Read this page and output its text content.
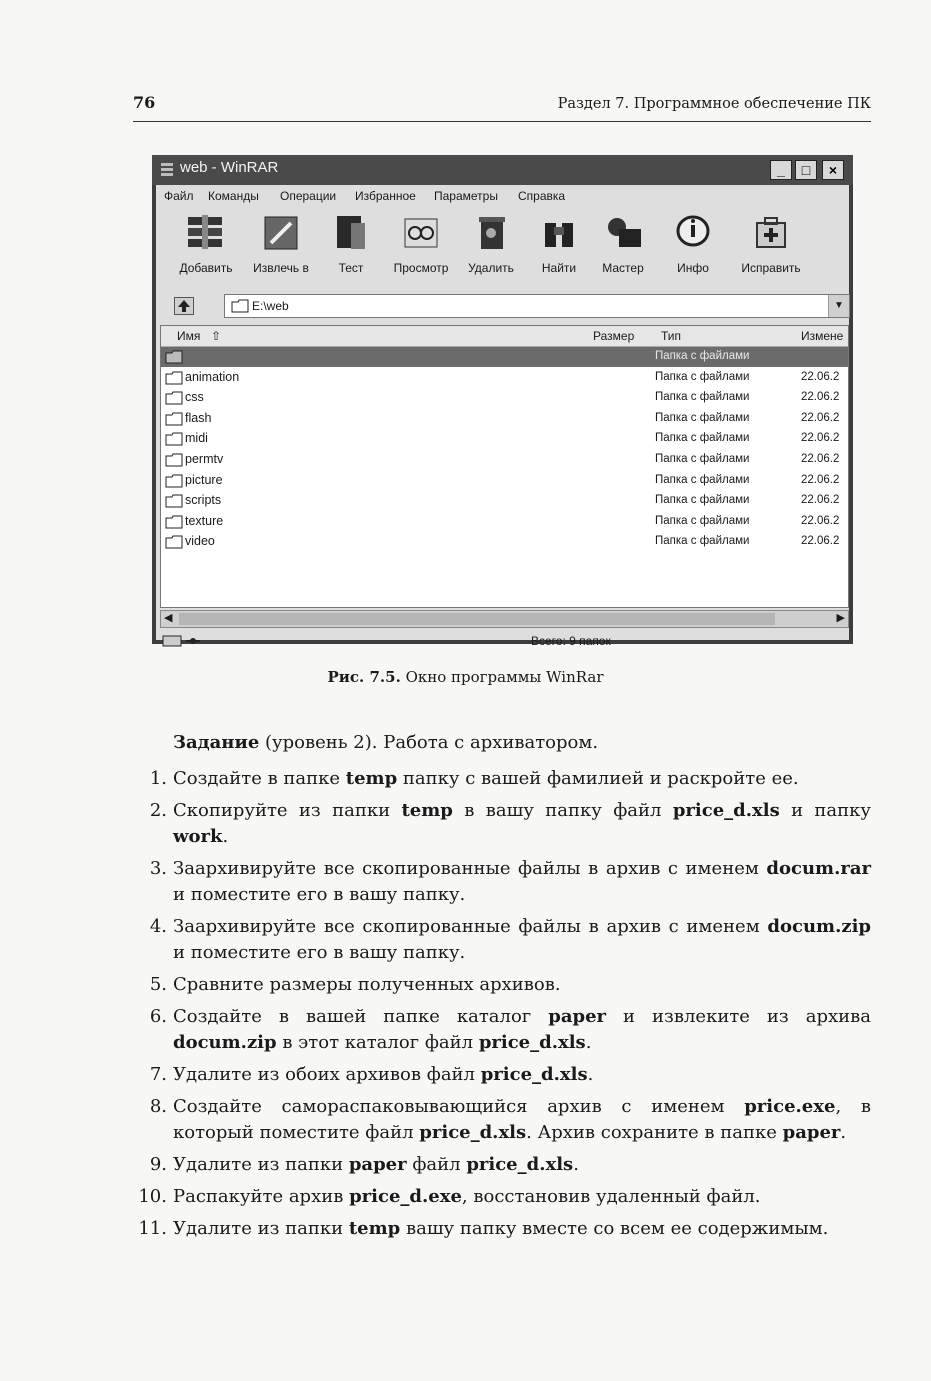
76	Раздел 7. Программное обеспечение ПК
web - WinRAR	_	□	×
Файл Команды Операции Избранное Параметры Справка
Добавить	Извлечь в	Тест	Просмотр	Удалить	Найти	Мастер	Инфо	Исправить
E:\web	▼
Имя ⇧	Размер Тип	Измене
Папка с файлами
animation	Папка с файлами	22.06.2
css	Папка с файлами	22.06.2
flash	Папка с файлами	22.06.2
midi	Папка с файлами	22.06.2
permtv	Папка с файлами	22.06.2
picture	Папка с файлами	22.06.2
scripts	Папка с файлами	22.06.2
texture	Папка с файлами	22.06.2
video	Папка с файлами	22.06.2
◀	▶
Всего: 9 папок
Рис. 7.5. Окно программы WinRar
Задание (уровень 2). Работа с архиватором.
1. Создайте в папке temp папку с вашей фамилией и раскройте ее.
2. Скопируйте из папки temp в вашу папку файл price_d.xls и папку work.
3. Заархивируйте все скопированные файлы в архив с именем docum.rar и поместите его в вашу папку.
4. Заархивируйте все скопированные файлы в архив с именем docum.zip и поместите его в вашу папку.
5. Сравните размеры полученных архивов.
6. Создайте в вашей папке каталог paper и извлеките из архива docum.zip в этот каталог файл price_d.xls.
7. Удалите из обоих архивов файл price_d.xls.
8. Создайте самораспаковывающийся архив с именем price.exe, в который поместите файл price_d.xls. Архив сохраните в папке paper.
9. Удалите из папки paper файл price_d.xls.
10. Распакуйте архив price_d.exe, восстановив удаленный файл.
11. Удалите из папки temp вашу папку вместе со всем ее содержимым.
